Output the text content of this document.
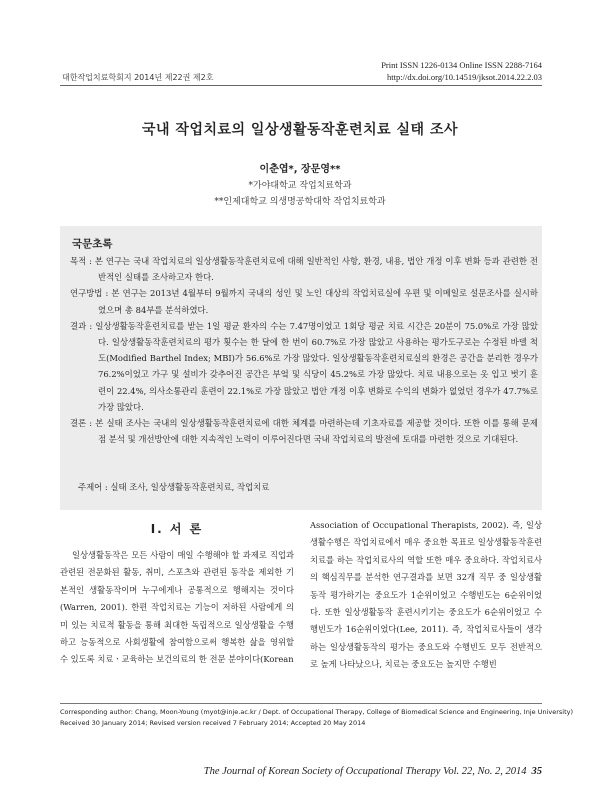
대한작업치료학회지 2014년 제22권 제2호
Print ISSN 1226-0134 Online ISSN 2288-7164
http://dx.doi.org/10.14519/jksot.2014.22.2.03
국내 작업치료의 일상생활동작훈련치료 실태 조사
이춘엽*, 장문영**
*가야대학교 작업치료학과
**인제대학교 의생명공학대학 작업치료학과
국문초록
목적 : 본 연구는 국내 작업치료의 일상생활동작훈련치료에 대해 일반적인 사항, 환경, 내용, 법안 개정 이후 변화 등과 관련한 전반적인 실태를 조사하고자 한다.
연구방법 : 본 연구는 2013년 4월부터 9월까지 국내의 성인 및 노인 대상의 작업치료실에 우편 및 이메일로 설문조사를 실시하였으며 총 84부를 분석하였다.
결과 : 일상생활동작훈련치료를 받는 1일 평균 환자의 수는 7.47명이었고 1회당 평균 치료 시간은 20분이 75.0%로 가장 많았다. 일상생활동작훈련치료의 평가 횟수는 한 달에 한 번이 60.7%로 가장 많았고 사용하는 평가도구로는 수정된 바델 척도(Modified Barthel Index; MBI)가 56.6%로 가장 많았다. 일상생활동작훈련치료실의 환경은 공간을 분리한 경우가 76.2%이었고 가구 및 설비가 갖추어진 공간은 부엌 및 식당이 45.2%로 가장 많았다. 치료 내용으로는 옷 입고 벗기 훈련이 22.4%, 의사소통관리 훈련이 22.1%로 가장 많았고 법안 개정 이후 변화로 수익의 변화가 없었던 경우가 47.7%로 가장 많았다.
결론 : 본 실태 조사는 국내의 일상생활동작훈련치료에 대한 체계를 마련하는데 기초자료를 제공할 것이다. 또한 이를 통해 문제점 분석 및 개선방안에 대한 지속적인 노력이 이루어진다면 국내 작업치료의 발전에 토대를 마련한 것으로 기대된다.
주제어 : 실태 조사, 일상생활동작훈련치료, 작업치료
Ⅰ. 서 론
일상생활동작은 모든 사람이 매일 수행해야 할 과제로 직업과 관련된 전문화된 활동, 취미, 스포츠와 관련된 동작을 제외한 기본적인 생활동작이며 누구에게나 공통적으로 행해지는 것이다(Warren, 2001). 한편 작업치료는 기능이 저하된 사람에게 의미 있는 치료적 활동을 통해 최대한 독립적으로 일상생활을 수행하고 능동적으로 사회생활에 참여함으로써 행복한 삶을 영위할 수 있도록 치료ㆍ교육하는 보건의료의 한 전문 분야이다(Korean
Association of Occupational Therapists, 2002). 즉, 일상생활수행은 작업치료에서 매우 중요한 목표로 일상생활동작훈련치료를 하는 작업치료사의 역할 또한 매우 중요하다. 작업치료사의 핵심직무를 분석한 연구결과를 보면 32개 직무 중 일상생활동작 평가하기는 중요도가 1순위이었고 수행빈도는 6순위이었다. 또한 일상생활동작 훈련시키기는 중요도가 6순위이었고 수행빈도가 16순위이었다(Lee, 2011). 즉, 작업치료사들이 생각하는 일상생활동작의 평가는 중요도와 수행빈도 모두 전반적으로 높게 나타났으나, 치료는 중요도는 높지만 수행빈
Corresponding author: Chang, Moon-Young (myot@inje.ac.kr / Dept. of Occupational Therapy, College of Biomedical Science and Engineering, Inje University)
Received 30 January 2014; Revised version received 7 February 2014; Accepted 20 May 2014
The Journal of Korean Society of Occupational Therapy Vol. 22, No. 2, 2014 35
